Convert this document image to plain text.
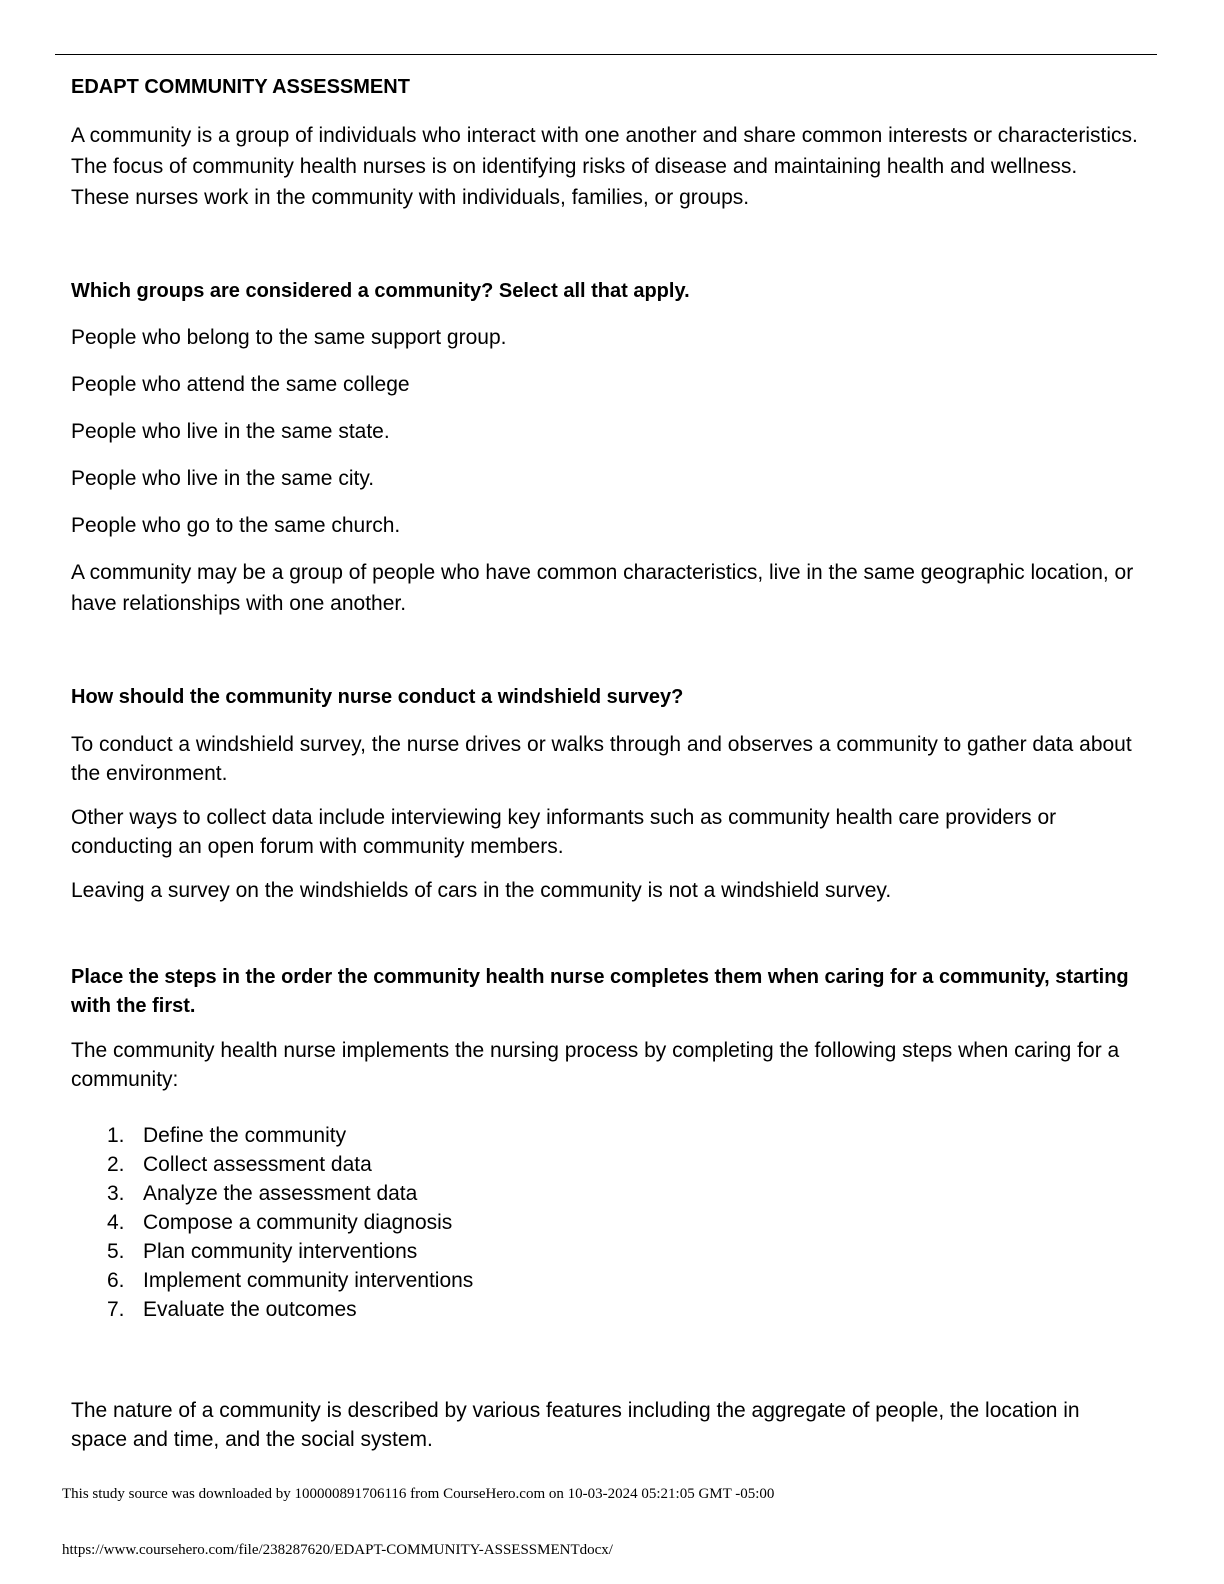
EDAPT COMMUNITY ASSESSMENT

A community is a group of individuals who interact with one another and share common interests or characteristics. The focus of community health nurses is on identifying risks of disease and maintaining health and wellness. These nurses work in the community with individuals, families, or groups.

Which groups are considered a community? Select all that apply.

People who belong to the same support group.

People who attend the same college

People who live in the same state.

People who live in the same city.

People who go to the same church.

A community may be a group of people who have common characteristics, live in the same geographic location, or have relationships with one another.

How should the community nurse conduct a windshield survey?

To conduct a windshield survey, the nurse drives or walks through and observes a community to gather data about the environment.

Other ways to collect data include interviewing key informants such as community health care providers or conducting an open forum with community members.

Leaving a survey on the windshields of cars in the community is not a windshield survey.

Place the steps in the order the community health nurse completes them when caring for a community, starting with the first.

The community health nurse implements the nursing process by completing the following steps when caring for a community:

1. Define the community
2. Collect assessment data
3. Analyze the assessment data
4. Compose a community diagnosis
5. Plan community interventions
6. Implement community interventions
7. Evaluate the outcomes

The nature of a community is described by various features including the aggregate of people, the location in space and time, and the social system.

This study source was downloaded by 100000891706116 from CourseHero.com on 10-03-2024 05:21:05 GMT -05:00
https://www.coursehero.com/file/238287620/EDAPT-COMMUNITY-ASSESSMENTdocx/
